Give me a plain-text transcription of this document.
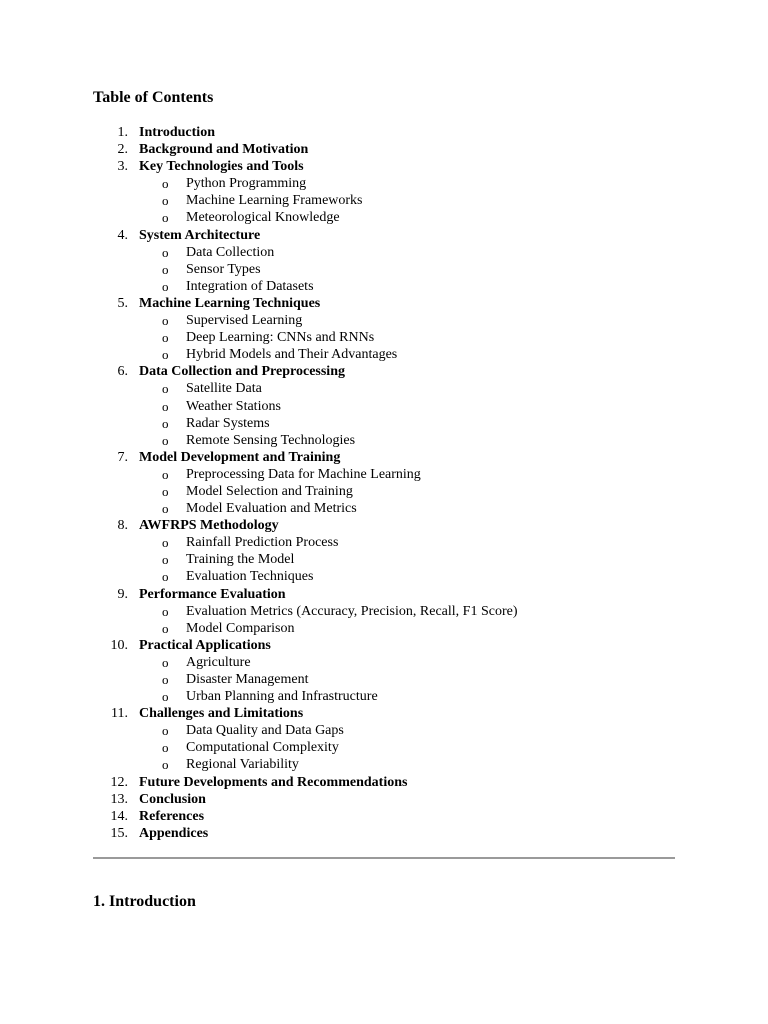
Table of Contents
1. Introduction
2. Background and Motivation
3. Key Technologies and Tools
o Python Programming
o Machine Learning Frameworks
o Meteorological Knowledge
4. System Architecture
o Data Collection
o Sensor Types
o Integration of Datasets
5. Machine Learning Techniques
o Supervised Learning
o Deep Learning: CNNs and RNNs
o Hybrid Models and Their Advantages
6. Data Collection and Preprocessing
o Satellite Data
o Weather Stations
o Radar Systems
o Remote Sensing Technologies
7. Model Development and Training
o Preprocessing Data for Machine Learning
o Model Selection and Training
o Model Evaluation and Metrics
8. AWFRPS Methodology
o Rainfall Prediction Process
o Training the Model
o Evaluation Techniques
9. Performance Evaluation
o Evaluation Metrics (Accuracy, Precision, Recall, F1 Score)
o Model Comparison
10. Practical Applications
o Agriculture
o Disaster Management
o Urban Planning and Infrastructure
11. Challenges and Limitations
o Data Quality and Data Gaps
o Computational Complexity
o Regional Variability
12. Future Developments and Recommendations
13. Conclusion
14. References
15. Appendices
1. Introduction
